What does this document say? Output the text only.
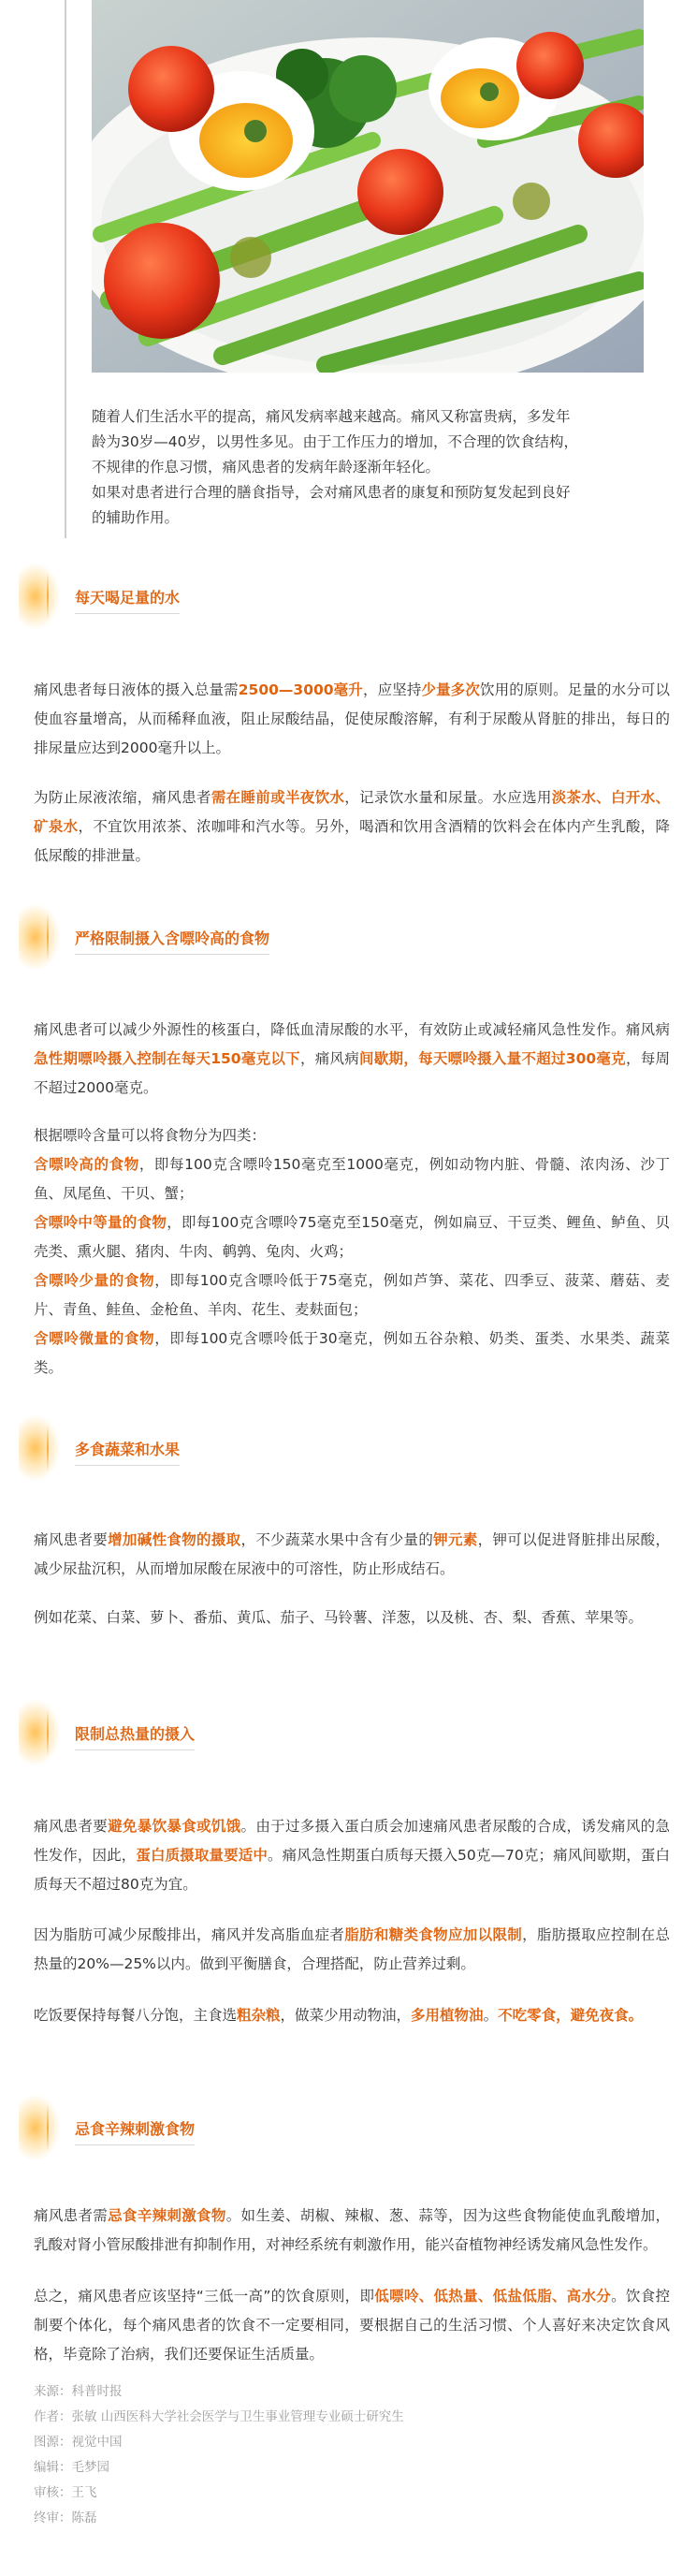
随着人们生活水平的提高，痛风发病率越来越高。痛风又称富贵病，多发年

龄为30岁—40岁，以男性多见。由于工作压力的增加，不合理的饮食结构，

不规律的作息习惯，痛风患者的发病年龄逐渐年轻化。

如果对患者进行合理的膳食指导，会对痛风患者的康复和预防复发起到良好

的辅助作用。

每天喝足量的水

痛风患者每日液体的摄入总量需2500—3000毫升，应坚持少量多次饮用的原则。足量的水分可以使血容量增高，从而稀释血液，阻止尿酸结晶，促使尿酸溶解，有利于尿酸从肾脏的排出，每日的排尿量应达到2000毫升以上。

为防止尿液浓缩，痛风患者需在睡前或半夜饮水，记录饮水量和尿量。水应选用淡茶水、白开水、矿泉水，不宜饮用浓茶、浓咖啡和汽水等。另外，喝酒和饮用含酒精的饮料会在体内产生乳酸，降低尿酸的排泄量。

严格限制摄入含嘌呤高的食物

痛风患者可以减少外源性的核蛋白，降低血清尿酸的水平，有效防止或减轻痛风急性发作。痛风病急性期嘌呤摄入控制在每天150毫克以下，痛风病间歇期，每天嘌呤摄入量不超过300毫克，每周不超过2000毫克。

根据嘌呤含量可以将食物分为四类：
含嘌呤高的食物，即每100克含嘌呤150毫克至1000毫克，例如动物内脏、骨髓、浓肉汤、沙丁鱼、凤尾鱼、干贝、蟹；
含嘌呤中等量的食物，即每100克含嘌呤75毫克至150毫克，例如扁豆、干豆类、鲤鱼、鲈鱼、贝壳类、熏火腿、猪肉、牛肉、鹌鹑、兔肉、火鸡；
含嘌呤少量的食物，即每100克含嘌呤低于75毫克，例如芦笋、菜花、四季豆、菠菜、蘑菇、麦片、青鱼、鲑鱼、金枪鱼、羊肉、花生、麦麸面包；
含嘌呤微量的食物，即每100克含嘌呤低于30毫克，例如五谷杂粮、奶类、蛋类、水果类、蔬菜类。
多食蔬菜和水果

痛风患者要增加碱性食物的摄取，不少蔬菜水果中含有少量的钾元素，钾可以促进肾脏排出尿酸，减少尿盐沉积，从而增加尿酸在尿液中的可溶性，防止形成结石。

例如花菜、白菜、萝卜、番茄、黄瓜、茄子、马铃薯、洋葱，以及桃、杏、梨、香蕉、苹果等。

限制总热量的摄入

痛风患者要避免暴饮暴食或饥饿。由于过多摄入蛋白质会加速痛风患者尿酸的合成，诱发痛风的急性发作，因此，蛋白质摄取量要适中。痛风急性期蛋白质每天摄入50克—70克；痛风间歇期，蛋白质每天不超过80克为宜。

因为脂肪可减少尿酸排出，痛风并发高脂血症者脂肪和糖类食物应加以限制，脂肪摄取应控制在总热量的20%—25%以内。做到平衡膳食，合理搭配，防止营养过剩。

吃饭要保持每餐八分饱，主食选粗杂粮，做菜少用动物油，多用植物油。不吃零食，避免夜食。

忌食辛辣刺激食物

痛风患者需忌食辛辣刺激食物。如生姜、胡椒、辣椒、葱、蒜等，因为这些食物能使血乳酸增加，乳酸对肾小管尿酸排泄有抑制作用，对神经系统有刺激作用，能兴奋植物神经诱发痛风急性发作。

总之，痛风患者应该坚持“三低一高”的饮食原则，即低嘌呤、低热量、低盐低脂、高水分。饮食控制要个体化，每个痛风患者的饮食不一定要相同，要根据自己的生活习惯、个人喜好来决定饮食风格，毕竟除了治病，我们还要保证生活质量。

来源：科普时报
作者：张敏 山西医科大学社会医学与卫生事业管理专业硕士研究生
图源：视觉中国
编辑：毛梦园
审核：王飞
终审：陈磊
